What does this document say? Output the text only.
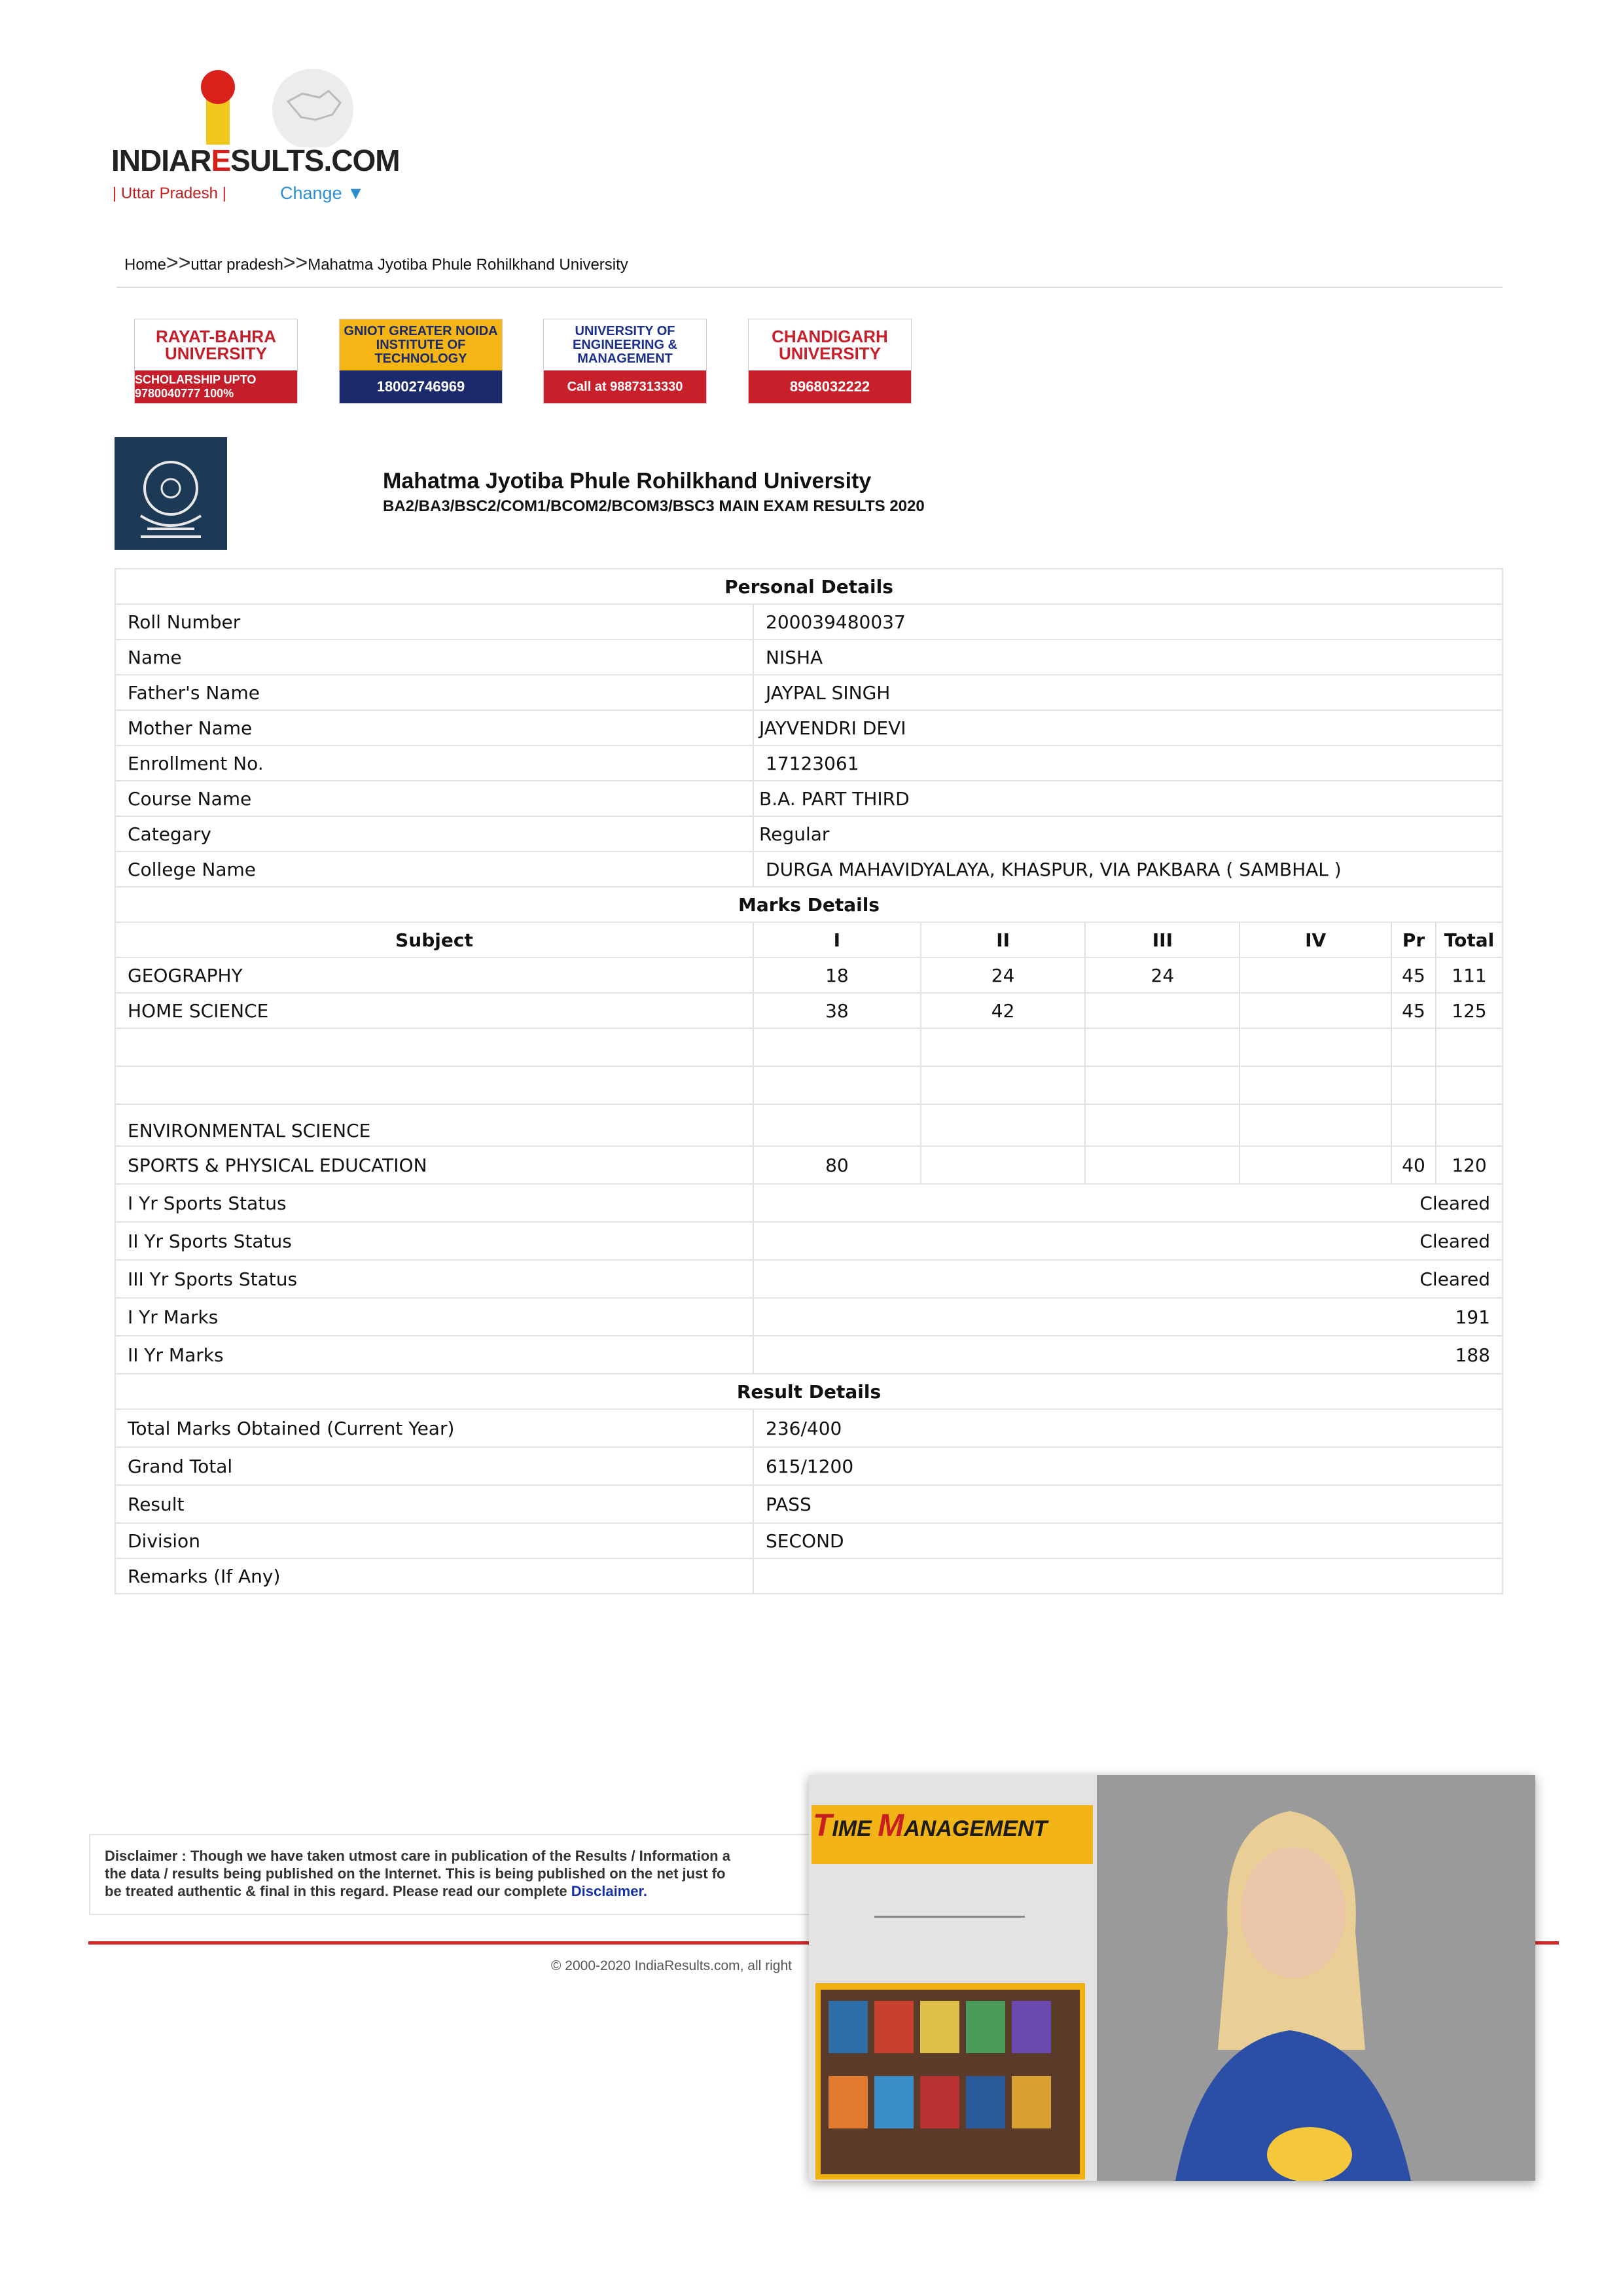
INDIARESULTS.COM
| Uttar Pradesh |	Change ▼
Home>>uttar pradesh>>Mahatma Jyotiba Phule Rohilkhand University
RAYAT-BAHRA UNIVERSITY
SCHOLARSHIP UPTO 9780040777 100%
GNIOT GREATER NOIDA INSTITUTE OF TECHNOLOGY
18002746969
UNIVERSITY OF ENGINEERING & MANAGEMENT
Call at 9887313330
CHANDIGARH UNIVERSITY
8968032222
Mahatma Jyotiba Phule Rohilkhand University
BA2/BA3/BSC2/COM1/BCOM2/BCOM3/BSC3 MAIN EXAM RESULTS 2020
Personal Details						
Roll Number	200039480037					
Name	NISHA					
Father's Name	JAYPAL SINGH					
Mother Name	JAYVENDRI DEVI					
Enrollment No.	17123061					
Course Name	B.A. PART THIRD					
Categary	Regular					
College Name	DURGA MAHAVIDYALAYA, KHASPUR, VIA PAKBARA ( SAMBHAL )					
Marks Details						
Subject	I	II	III	IV	Pr	Total
GEOGRAPHY	18	24	24		45	111
HOME SCIENCE	38	42			45	125

ENVIRONMENTAL SCIENCE						
SPORTS & PHYSICAL EDUCATION	80				40	120
I Yr Sports Status	Cleared					
II Yr Sports Status	Cleared					
III Yr Sports Status	Cleared					
I Yr Marks	191					
II Yr Marks	188					
Result Details						
Total Marks Obtained (Current Year)	236/400					
Grand Total	615/1200					
Result	PASS					
Division	SECOND					
Remarks (If Any)						
Disclaimer : Though we have taken utmost care in publication of the Results / Information a
the data / results being published on the Internet. This is being published on the net just fo
be treated authentic & final in this regard. Please read our complete Disclaimer.
© 2000-2020 IndiaResults.com, all right
TIME MANAGEMENT
